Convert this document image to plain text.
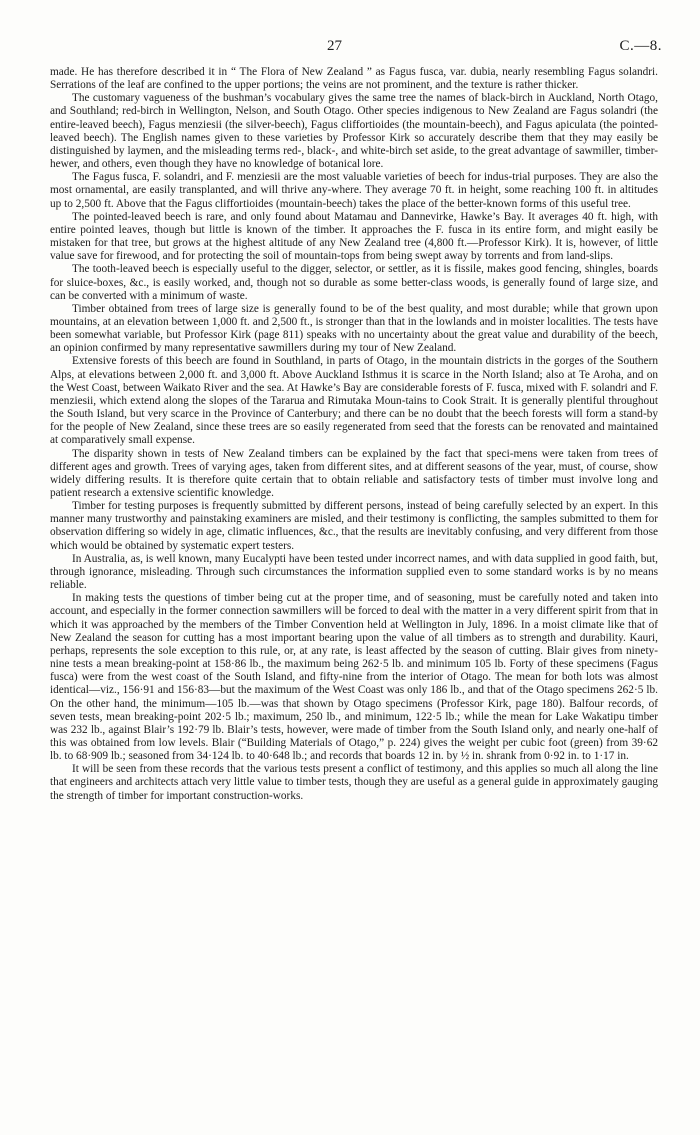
27	C.—8.

made. He has therefore described it in “ The Flora of New Zealand ” as Fagus fusca, var. dubia, nearly resembling Fagus solandri. Serrations of the leaf are confined to the upper portions; the veins are not prominent, and the texture is rather thicker.

The customary vagueness of the bushman’s vocabulary gives the same tree the names of black-birch in Auckland, North Otago, and Southland; red-birch in Wellington, Nelson, and South Otago. Other species indigenous to New Zealand are Fagus solandri (the entire-leaved beech), Fagus menziesii (the silver-beech), Fagus cliffortioides (the mountain-beech), and Fagus apiculata (the pointed-leaved beech). The English names given to these varieties by Professor Kirk so accurately describe them that they may easily be distinguished by laymen, and the misleading terms red-, black-, and white-birch set aside, to the great advantage of sawmiller, timber-hewer, and others, even though they have no knowledge of botanical lore.

The Fagus fusca, F. solandri, and F. menziesii are the most valuable varieties of beech for indus-trial purposes. They are also the most ornamental, are easily transplanted, and will thrive any-where. They average 70 ft. in height, some reaching 100 ft. in altitudes up to 2,500 ft. Above that the Fagus cliffortioides (mountain-beech) takes the place of the better-known forms of this useful tree.

The pointed-leaved beech is rare, and only found about Matamau and Dannevirke, Hawke’s Bay. It averages 40 ft. high, with entire pointed leaves, though but little is known of the timber. It approaches the F. fusca in its entire form, and might easily be mistaken for that tree, but grows at the highest altitude of any New Zealand tree (4,800 ft.—Professor Kirk). It is, however, of little value save for firewood, and for protecting the soil of mountain-tops from being swept away by torrents and from land-slips.

The tooth-leaved beech is especially useful to the digger, selector, or settler, as it is fissile, makes good fencing, shingles, boards for sluice-boxes, &c., is easily worked, and, though not so durable as some better-class woods, is generally found of large size, and can be converted with a minimum of waste.

Timber obtained from trees of large size is generally found to be of the best quality, and most durable; while that grown upon mountains, at an elevation between 1,000 ft. and 2,500 ft., is stronger than that in the lowlands and in moister localities. The tests have been somewhat variable, but Professor Kirk (page 811) speaks with no uncertainty about the great value and durability of the beech, an opinion confirmed by many representative sawmillers during my tour of New Zealand.

Extensive forests of this beech are found in Southland, in parts of Otago, in the mountain districts in the gorges of the Southern Alps, at elevations between 2,000 ft. and 3,000 ft. Above Auckland Isthmus it is scarce in the North Island; also at Te Aroha, and on the West Coast, between Waikato River and the sea. At Hawke’s Bay are considerable forests of F. fusca, mixed with F. solandri and F. menziesii, which extend along the slopes of the Tararua and Rimutaka Moun-tains to Cook Strait. It is generally plentiful throughout the South Island, but very scarce in the Province of Canterbury; and there can be no doubt that the beech forests will form a stand-by for the people of New Zealand, since these trees are so easily regenerated from seed that the forests can be renovated and maintained at comparatively small expense.

The disparity shown in tests of New Zealand timbers can be explained by the fact that speci-mens were taken from trees of different ages and growth. Trees of varying ages, taken from different sites, and at different seasons of the year, must, of course, show widely differing results. It is therefore quite certain that to obtain reliable and satisfactory tests of timber must involve long and patient research a extensive scientific knowledge.

Timber for testing purposes is frequently submitted by different persons, instead of being carefully selected by an expert. In this manner many trustworthy and painstaking examiners are misled, and their testimony is conflicting, the samples submitted to them for observation differing so widely in age, climatic influences, &c., that the results are inevitably confusing, and very different from those which would be obtained by systematic expert testers.

In Australia, as, is well known, many Eucalypti have been tested under incorrect names, and with data supplied in good faith, but, through ignorance, misleading. Through such circumstances the information supplied even to some standard works is by no means reliable.

In making tests the questions of timber being cut at the proper time, and of seasoning, must be carefully noted and taken into account, and especially in the former connection sawmillers will be forced to deal with the matter in a very different spirit from that in which it was approached by the members of the Timber Convention held at Wellington in July, 1896. In a moist climate like that of New Zealand the season for cutting has a most important bearing upon the value of all timbers as to strength and durability. Kauri, perhaps, represents the sole exception to this rule, or, at any rate, is least affected by the season of cutting. Blair gives from ninety-nine tests a mean breaking-point at 158·86 lb., the maximum being 262·5 lb. and minimum 105 lb. Forty of these specimens (Fagus fusca) were from the west coast of the South Island, and fifty-nine from the interior of Otago. The mean for both lots was almost identical—viz., 156·91 and 156·83—but the maximum of the West Coast was only 186 lb., and that of the Otago specimens 262·5 lb. On the other hand, the minimum—105 lb.—was that shown by Otago specimens (Professor Kirk, page 180). Balfour records, of seven tests, mean breaking-point 202·5 lb.; maximum, 250 lb., and minimum, 122·5 lb.; while the mean for Lake Wakatipu timber was 232 lb., against Blair’s 192·79 lb. Blair’s tests, however, were made of timber from the South Island only, and nearly one-half of this was obtained from low levels. Blair (“Building Materials of Otago,” p. 224) gives the weight per cubic foot (green) from 39·62 lb. to 68·909 lb.; seasoned from 34·124 lb. to 40·648 lb.; and records that boards 12 in. by ½ in. shrank from 0·92 in. to 1·17 in.

It will be seen from these records that the various tests present a conflict of testimony, and this applies so much all along the line that engineers and architects attach very little value to timber tests, though they are useful as a general guide in approximately gauging the strength of timber for important construction-works.
